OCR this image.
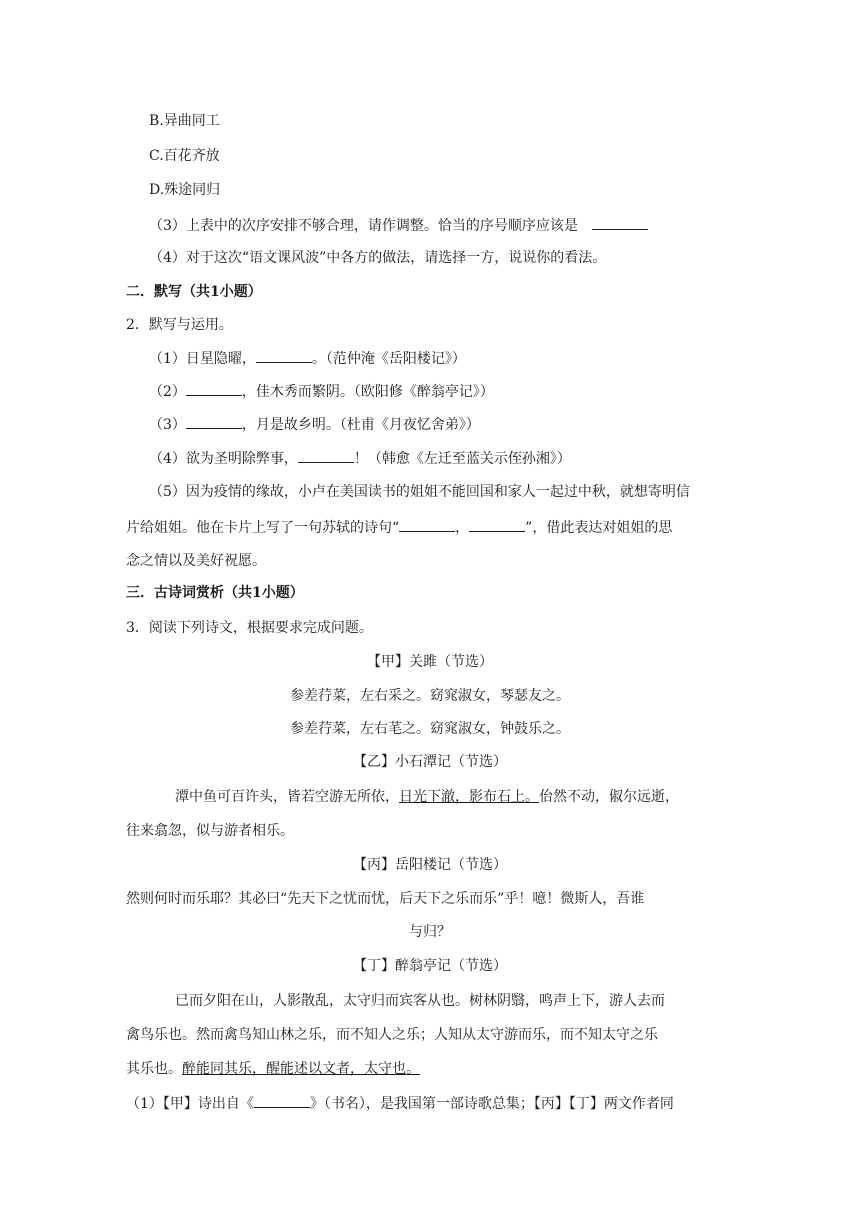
B.异曲同工
C.百花齐放
D.殊途同归
（3）上表中的次序安排不够合理，请作调整。恰当的序号顺序应该是
（4）对于这次“语文课风波”中各方的做法，请选择一方，说说你的看法。
二．默写（共1小题）
2．默写与运用。
（1）日星隐曜，	。（范仲淹《岳阳楼记》）
（2）	，佳木秀而繁阴。（欧阳修《醉翁亭记》）
（3）	，月是故乡明。（杜甫《月夜忆舍弟》）
（4）欲为圣明除弊事，	！（韩愈《左迁至蓝关示侄孙湘》）
（5）因为疫情的缘故，小卢在美国读书的姐姐不能回国和家人一起过中秋，就想寄明信
片给姐姐。他在卡片上写了一句苏轼的诗句“	，	”，借此表达对姐姐的思
念之情以及美好祝愿。
三．古诗词赏析（共1小题）
3．阅读下列诗文，根据要求完成问题。
【甲】关雎（节选）
参差荇菜，左右采之。窈窕淑女，琴瑟友之。
参差荇菜，左右芼之。窈窕淑女，钟鼓乐之。
【乙】小石潭记（节选）
潭中鱼可百许头，皆若空游无所依，日光下澈，影布石上。佁然不动，俶尔远逝，
往来翕忽，似与游者相乐。
【丙】岳阳楼记（节选）
然则何时而乐耶？其必曰“先天下之忧而忧，后天下之乐而乐”乎！噫！微斯人，吾谁
与归？
【丁】醉翁亭记（节选）
已而夕阳在山，人影散乱，太守归而宾客从也。树林阴翳，鸣声上下，游人去而
禽鸟乐也。然而禽鸟知山林之乐，而不知人之乐；人知从太守游而乐，而不知太守之乐
其乐也。醉能同其乐，醒能述以文者，太守也。
（1）【甲】诗出自《	》（书名），是我国第一部诗歌总集；【丙】【丁】两文作者同
